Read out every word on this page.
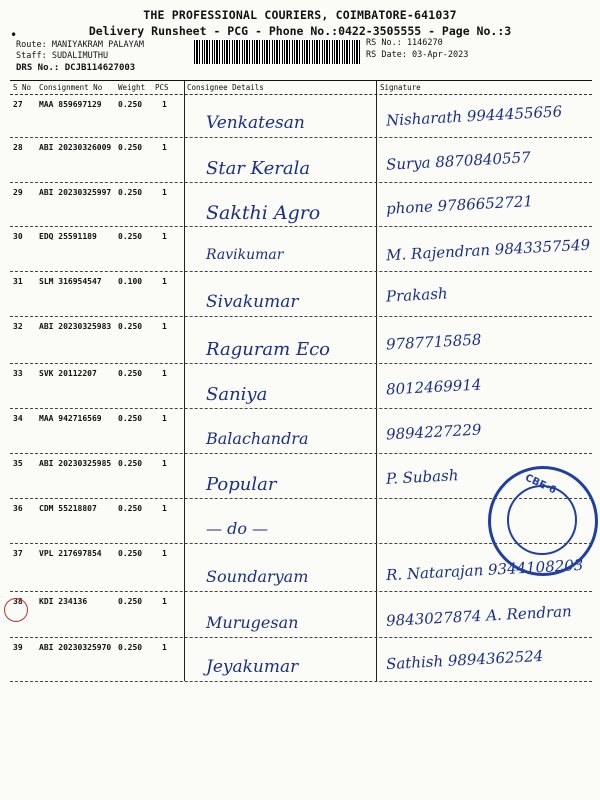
•
THE PROFESSIONAL COURIERS, COIMBATORE-641037
Delivery Runsheet - PCG - Phone No.:0422-3505555 - Page No.:3
Route: MANIYAKRAM PALAYAM
Staff: SUDALIMUTHU
DRS No.: DCJB114627003
RS No.: 1146270
RS Date: 03-Apr-2023
S No Consignment No Weight PCS Consignee Details	Signature
27 MAA 859697129 0.250 1
Venkatesan	Nisharath 9944455656
28 ABI 20230326009 0.250 1
Star Kerala	Surya 8870840557
29 ABI 20230325997 0.250 1
Sakthi Agro	phone 9786652721
30 EDQ 25591189	0.250 1
Ravikumar	M. Rajendran 9843357549
31 SLM 316954547 0.100 1
Sivakumar	Prakash
32 ABI 20230325983 0.250 1
Raguram Eco	9787715858
33 SVK 20112207	0.250 1
Saniya	8012469914
34 MAA 942716569 0.250 1
Balachandra	9894227229
35 ABI 20230325985 0.250 1
Popular	P. Subash
36 CDM 55218807	0.250 1
— do —
37 VPL 217697854 0.250 1
Soundaryam	R. Natarajan 9344108203
38 KDI 234136	0.250 1
Murugesan	9843027874 A. Rendran
39 ABI 20230325970 0.250 1
Jeyakumar	Sathish 9894362524
CBE-6
